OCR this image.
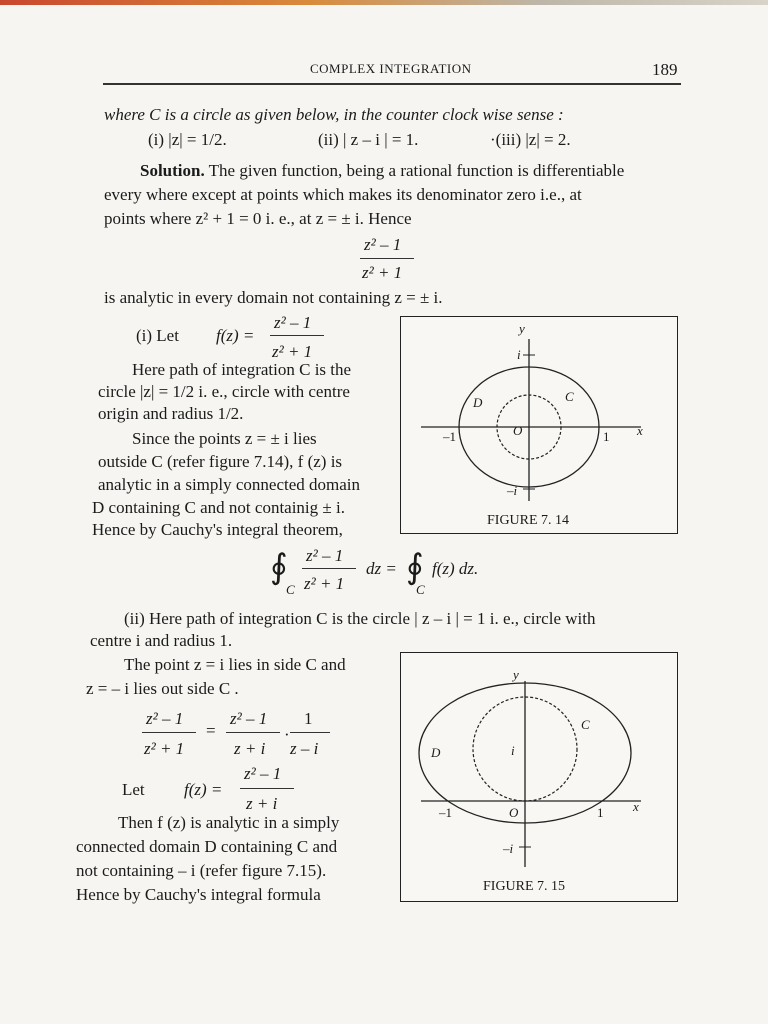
COMPLEX INTEGRATION	189
where C is a circle as given below, in the counter clock wise sense :
(i) |z| = 1/2.	(ii) | z – i | = 1.	·(iii) |z| = 2.
Solution. The given function, being a rational function is differentiable
every where except at points which makes its denominator zero i.e., at
points where z² + 1 = 0 i. e., at z = ± i. Hence
z² – 1
z² + 1
is analytic in every domain not containing z = ± i.
(i) Let f(z) =
z² – 1
z² + 1
Here path of integration C is the
circle |z| = 1/2 i. e., circle with centre
origin and radius 1/2.
Since the points z = ± i lies
outside C (refer figure 7.14), f (z) is
analytic in a simply connected domain
D containing C and not containig ± i.
Hence by Cauchy's integral theorem,
y
i
D	C
O
–1	1 x
–i
FIGURE 7. 14
∮
C
z² – 1
z² + 1
dz = ∮
C
f(z) dz.
(ii) Here path of integration C is the circle | z – i | = 1 i. e., circle with
centre i and radius 1.
The point z = i lies in side C and
z = – i lies out side C .
z² – 1
z² + 1
=
z² – 1
z + i
·
1
z – i
Let f(z) =
z² – 1
z + i
Then f (z) is analytic in a simply
connected domain D containing C and
not containing – i (refer figure 7.15).
Hence by Cauchy's integral formula
y
C
D	i
O
–1	1 x
–i
FIGURE 7. 15
